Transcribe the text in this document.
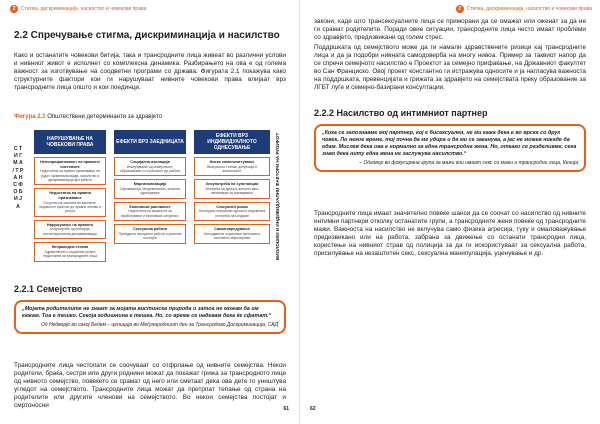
2	Стигма, дискриминација, насилство и човекови права
2.2 Спречување стигма, дискриминација и насилство
Како и останатите човекови битија, така и трансродните лица живеат во различни услови и нивниот живот е исполнет со комплексна динамика. Разбирањето на ова е од голема важност за изготвување на соодветни програми со држава. Фигурата 2.1 покажува како структурните фактори кои ги нарушуваат нивните човекови права влијаат врз трансродните лица општо и кои поединци.
Фигура 2.1 Општествени детерминанти за здравјето
С Т И Г М А / Т Р А Н С Ф О Б И Ј А	БИОЛОШКИ И ИНДИВИДУАЛНИ ФАКТОРИ НА РИЗИКОТ
НАРУШУВАЊЕ НА ЧОВЕКОВИ ПРАВА
Непоприфатливост на правото/ системите
Недостаток на правно признавање на родот, криминализација, насилство и дискриминација врз работа
Недостаток на правна признавање
Отсуство на заштита во законите, недоволен пристап до правни лекови и услуги
Нарушување на правото
Злоупотреби од полиција, институционална дискриминација
Неправедна стигма
Здравствени и социјални услуги недостапни за трансродните лица
ЕФЕКТИ ВРЗ ЗАЕДНИЦАТА
Социјална изолација
Исклучување од семејството, образованието и пристапот до работа
Маргинализација
Сиромаштија, бездомништво, ризично однесување
Економска ранливост
Недостаток на можности за вработување и економска сигурност
Сексуална работа
Принудена сексуална работа и ризични состојби
ЕФЕКТИ ВРЗ ИНДИВИДУАЛНОТО ОДНЕСУВАЊЕ
Ниско самопочитување
Внатрешна стигма, депресија и анксиозност
Злоупотреба на супстанции
Употреба на дрога и алкохол како механизам за справување
Сексуален ризик
Несигурни сексуални односи и недоволна употреба на кондоми
Самоповредување
Несоодветни хормонски третмани и сопствено инјектирање
2.2.1 Семејство
„Мојата родителите не знаат за мојата вистинска природа и затоа не можам да им кажам. Тоа е тешко. Секоја годишнина е тешка. Но, со време се надевам дека ќе сфатат.“
Од Недворје во секој Бедем – цениција во Меѓународниот ден за Трансродово Дискриминација, САД
Трансродните лица честопати се соочуваат со отфрлање од нивните семејства. Некои родители, браќа, сестри или други роднини можат да покажат грижа за трансродното лице од нивното семејство, повеќето се срамат од него или сметаат дека ова дете го уништува угледот на семејството. Трансродните лица можат да претрпат тепање од страна на родителите или другите членови на семејството. Во некои семејства постојат и смртоносни	61
2	Стигма, дискриминација, насилство и човекови права
закони, каде што трансексуалните лица се приморани да се омажат или оженат за да не ги срамат родителите. Поради овие ситуации, трансродните лица често имаат проблеми со здравјето, предизвикани од голем стрес.
Поддршката од семејството може да ги намали здравствените ризици кај трансродните лица и да ја подобри нивната самодоверба на многу нивоа. Пример за таквиот напор да се спречи семејното насилство е Проектот за семејно прифаќање, на Државниот факултет во Сан Франциско. Овој проект константно ги истражува односите и ја нагласува важноста на поддршката, превенцијата и грижата за здравјето на семејствата преку образование за ЛГБТ луѓе и семејно-базирани консултации.
2.2.2 Насилство од интимниот партнер
„Кога се запознавме мој партнер, кој е бисексуален, не ми кажа дека е во врска со друг човек. По некое време, тој почна да ме удира и да ми се заканува, а јас не можев никаде да одам. Мислев дека ова е нормално за една трансродна жена. Но, откако се разделивме, сега знам дека ниту една жена не заслужува насилство.“
– Одговор во фокусирана група за мажи кои имаат секс со мажи и трансродни лица, Кенија
Трансродните лица имаат значително повеќе шанси да се соочат со насилство од нивните интимни партнери отколку останатите групи, а трансродните жени повеќе од трансродните мажи. Важноста на насилство не вклучува само физика агресија, туку и омаловажување предизвикано или на работа, забрана за движење со останати трансродни лица, користење на нивниот страв од полиција за да ги искористуваат за сексуална работа, присилување на незаштитен секс, сексуална манипулација, уценување и др.
62
